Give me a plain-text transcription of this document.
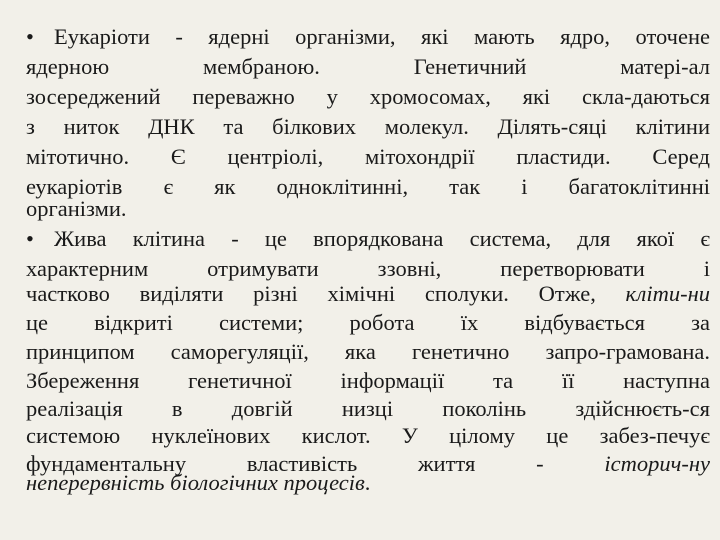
• Еукаріоти - ядерні організми, які мають ядро, оточене
ядерною мембраною. Генетичний матері-ал
зосереджений переважно у хромосомах, які скла-даються
з ниток ДНК та білкових молекул. Ділять-сяці клітини
мітотично. Є центріолі, мітохондрії пластиди. Серед
еукаріотів є як одноклітинні, так і багатоклітинні
організми.
• Жива клітина - це впорядкована система, для якої є
характерним отримувати ззовні, перетворювати і
частково виділяти різні хімічні сполуки. Отже, кліти-ни
це відкриті системи; робота їх відбувається за
принципом саморегуляції, яка генетично запро-грамована.
Збереження генетичної інформації та її наступна
реалізація в довгій низці поколінь здійснюєть-ся
системою нуклеїнових кислот. У цілому це забез-печує
фундаментальну властивість життя - історич-ну
неперервність біологічних процесів.
